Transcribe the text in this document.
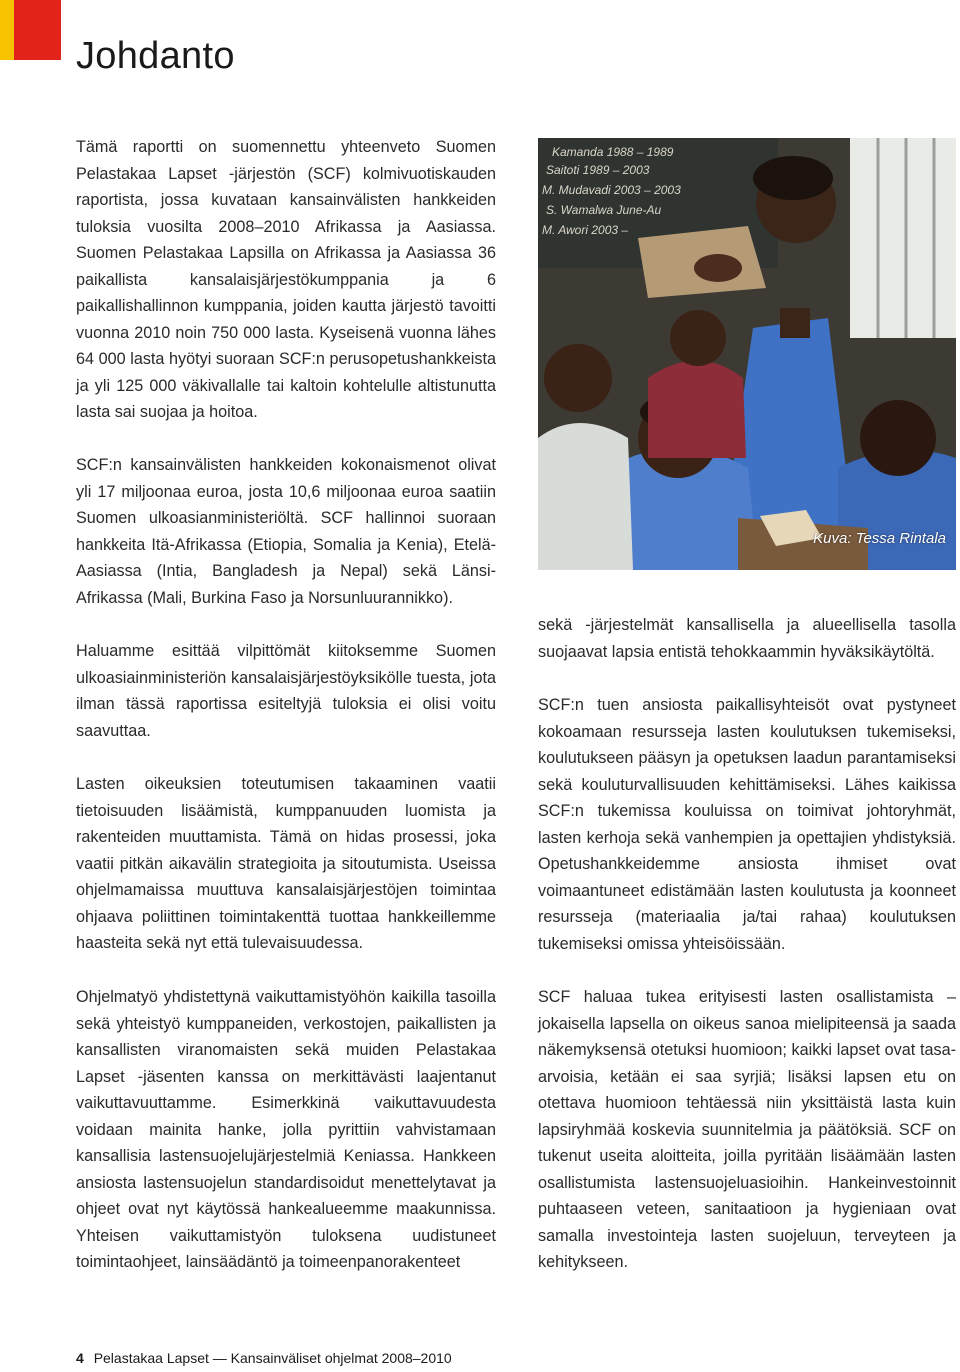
Johdanto

Tämä raportti on suomennettu yhteenveto Suomen Pelastakaa Lapset -järjestön (SCF) kolmivuotiskauden raportista, jossa kuvataan kansainvälisten hankkeiden tuloksia vuosilta 2008–2010 Afrikassa ja Aasiassa. Suomen Pelastakaa Lapsilla on Afrikassa ja Aasiassa 36 paikallista kansalaisjärjestökumppania ja 6 paikallishallinnon kumppania, joiden kautta järjestö tavoitti vuonna 2010 noin 750 000 lasta. Kyseisenä vuonna lähes 64 000 lasta hyötyi suoraan SCF:n perusopetushankkeista ja yli 125 000 väkivallalle tai kaltoin kohtelulle altistunutta lasta sai suojaa ja hoitoa.

SCF:n kansainvälisten hankkeiden kokonaismenot olivat yli 17 miljoonaa euroa, josta 10,6 miljoonaa euroa saatiin Suomen ulkoasianministeriöltä. SCF hallinnoi suoraan hankkeita Itä-Afrikassa (Etiopia, Somalia ja Kenia), Etelä-Aasiassa (Intia, Bangladesh ja Nepal) sekä Länsi-Afrikassa (Mali, Burkina Faso ja Norsunluurannikko).

Haluamme esittää vilpittömät kiitoksemme Suomen ulkoasiainministeriön kansalaisjärjestöyksikölle tuesta, jota ilman tässä raportissa esiteltyjä tuloksia ei olisi voitu saavuttaa.

Lasten oikeuksien toteutumisen takaaminen vaatii tietoisuuden lisäämistä, kumppanuuden luomista ja rakenteiden muuttamista. Tämä on hidas prosessi, joka vaatii pitkän aikavälin strategioita ja sitoutumista. Useissa ohjelmamaissa muuttuva kansalaisjärjestöjen toimintaa ohjaava poliittinen toimintakenttä tuottaa hankkeillemme haasteita sekä nyt että tulevaisuudessa.

Ohjelmatyö yhdistettynä vaikuttamistyöhön kaikilla tasoilla sekä yhteistyö kumppaneiden, verkostojen, paikallisten ja kansallisten viranomaisten sekä muiden Pelastakaa Lapset -jäsenten kanssa on merkittävästi laajentanut vaikuttavuuttamme. Esimerkkinä vaikuttavuudesta voidaan mainita hanke, jolla pyrittiin vahvistamaan kansallisia lastensuojelujärjestelmiä Keniassa. Hankkeen ansiosta lastensuojelun standardisoidut menettelytavat ja ohjeet ovat nyt käytössä hankealueemme maakunnissa. Yhteisen vaikuttamistyön tuloksena uudistuneet toimintaohjeet, lainsäädäntö ja toimeenpanorakenteet

Kamanda 1988 – 1989
Saitoti 1989 – 2003
M. Mudavadi 2003 – 2003
S. Wamalwa June-Au
M. Awori 2003 –
Kuva: Tessa Rintala

sekä -järjestelmät kansallisella ja alueellisella tasolla suojaavat lapsia entistä tehokkaammin hyväksikäytöltä.

SCF:n tuen ansiosta paikallisyhteisöt ovat pystyneet kokoamaan resursseja lasten koulutuksen tukemiseksi, koulutukseen pääsyn ja opetuksen laadun parantamiseksi sekä kouluturvallisuuden kehittämiseksi. Lähes kaikissa SCF:n tukemissa kouluissa on toimivat johtoryhmät, lasten kerhoja sekä vanhempien ja opettajien yhdistyksiä. Opetushankkeidemme ansiosta ihmiset ovat voimaantuneet edistämään lasten koulutusta ja koonneet resursseja (materiaalia ja/tai rahaa) koulutuksen tukemiseksi omissa yhteisöissään.

SCF haluaa tukea erityisesti lasten osallistamista – jokaisella lapsella on oikeus sanoa mielipiteensä ja saada näkemyksensä otetuksi huomioon; kaikki lapset ovat tasa-arvoisia, ketään ei saa syrjiä; lisäksi lapsen etu on otettava huomioon tehtäessä niin yksittäistä lasta kuin lapsiryhmää koskevia suunnitelmia ja päätöksiä. SCF on tukenut useita aloitteita, joilla pyritään lisäämään lasten osallistumista lastensuojeluasioihin. Hankeinvestoinnit puhtaaseen veteen, sanitaatioon ja hygieniaan ovat samalla investointeja lasten suojeluun, terveyteen ja kehitykseen.

4 Pelastakaa Lapset — Kansainväliset ohjelmat 2008–2010
